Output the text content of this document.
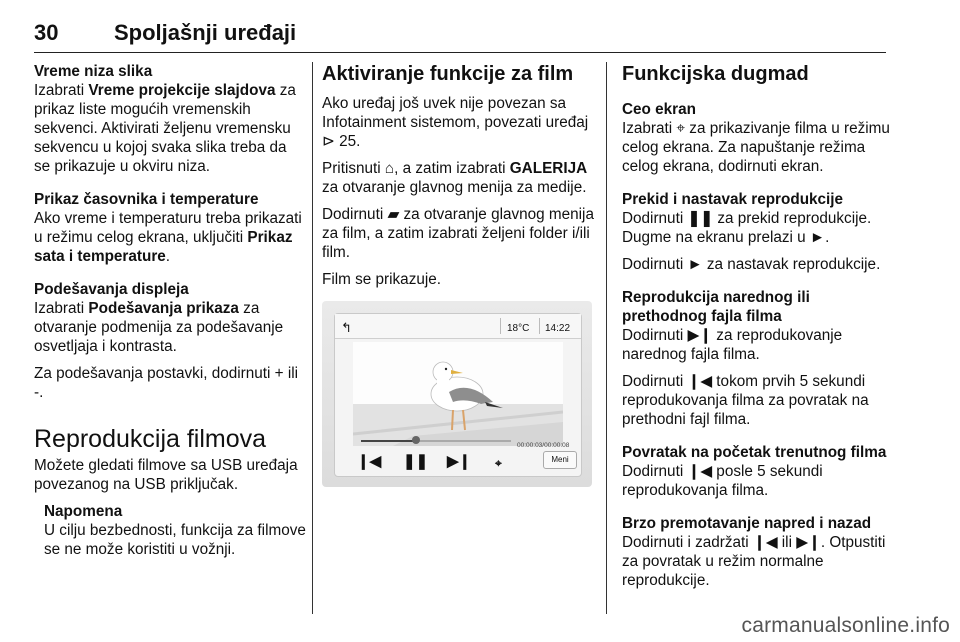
30	Spoljašnji uređaji

Vreme niza slika

Izabrati Vreme projekcije slajdova za prikaz liste mogućih vremenskih sekvenci. Aktivirati željenu vremensku sekvencu u kojoj svaka slika treba da se prikazuje u okviru niza.

Prikaz časovnika i temperature

Ako vreme i temperaturu treba prikazati u režimu celog ekrana, uključiti Prikaz sata i temperature.

Podešavanja displeja

Izabrati Podešavanja prikaza za otvaranje podmenija za podešavanje osvetljaja i kontrasta.

Za podešavanja postavki, dodirnuti + ili -.

Reprodukcija filmova

Možete gledati filmove sa USB uređaja povezanog na USB priključak.

Napomena

U cilju bezbednosti, funkcija za filmove se ne može koristiti u vožnji.

Aktiviranje funkcije za film

Ako uređaj još uvek nije povezan sa Infotainment sistemom, povezati uređaj ⊳ 25.

Pritisnuti ⌂, a zatim izabrati GALERIJA za otvaranje glavnog menija za medije.

Dodirnuti ▰ za otvaranje glavnog menija za film, a zatim izabrati željeni folder i/ili film.

Film se prikazuje.

↰	18°C 14:22
00:00:03/00:00:08
❙◀ ❚❚ ▶❙ ⌖	Meni

Funkcijska dugmad

Ceo ekran

Izabrati ⌖ za prikazivanje filma u režimu celog ekrana. Za napuštanje režima celog ekrana, dodirnuti ekran.

Prekid i nastavak reprodukcije

Dodirnuti ❚❚ za prekid reprodukcije. Dugme na ekranu prelazi u ►.

Dodirnuti ► za nastavak reprodukcije.

Reprodukcija narednog ili prethodnog fajla filma

Dodirnuti ▶❙ za reprodukovanje narednog fajla filma.

Dodirnuti ❙◀ tokom prvih 5 sekundi reprodukovanja filma za povratak na prethodni fajl filma.

Povratak na početak trenutnog filma

Dodirnuti ❙◀ posle 5 sekundi reprodukovanja filma.

Brzo premotavanje napred i nazad

Dodirnuti i zadržati ❙◀ ili ▶❙. Otpustiti za povratak u režim normalne reprodukcije.

carmanualsonline.info
